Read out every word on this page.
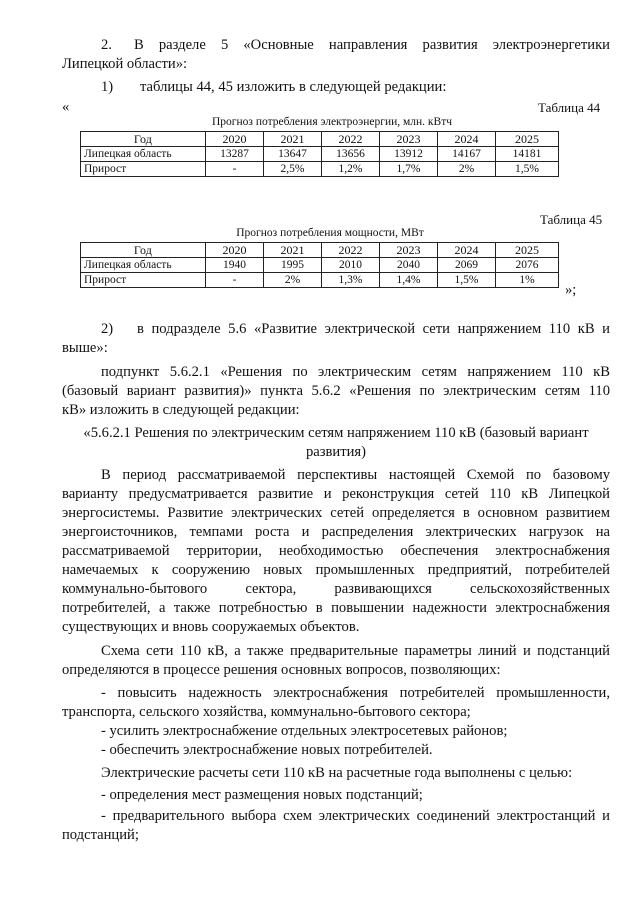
2. В разделе 5 «Основные направления развития электроэнергетики
Липецкой области»:
1) таблицы 44, 45 изложить в следующей редакции:
«	Таблица 44
Прогноз потребления электроэнергии, млн. кВтч
Год	2020	2021	2022	2023	2024	2025
Липецкая область	13287	13647	13656	13912	14167	14181
Прирост	-	2,5%	1,2%	1,7%	2%	1,5%
Таблица 45
Прогноз потребления мощности, МВт
Год	2020	2021	2022	2023	2024	2025
Липецкая область	1940	1995	2010	2040	2069	2076
Прирост	-	2%	1,3%	1,4%	1,5%	1%
»;
2) в подразделе 5.6 «Развитие электрической сети напряжением 110 кВ и
выше»:
подпункт 5.6.2.1 «Решения по электрическим сетям напряжением 110 кВ
(базовый вариант развития)» пункта 5.6.2 «Решения по электрическим сетям 110
кВ» изложить в следующей редакции:
«5.6.2.1 Решения по электрическим сетям напряжением 110 кВ (базовый вариант
развития)
В период рассматриваемой перспективы настоящей Схемой по базовому
варианту предусматривается развитие и реконструкция сетей 110 кВ Липецкой
энергосистемы. Развитие электрических сетей определяется в основном развитием
энергоисточников, темпами роста и распределения электрических нагрузок на
рассматриваемой территории, необходимостью обеспечения электроснабжения
намечаемых к сооружению новых промышленных предприятий, потребителей
коммунально-бытового сектора, развивающихся сельскохозяйственных
потребителей, а также потребностью в повышении надежности электроснабжения
существующих и вновь сооружаемых объектов.
Схема сети 110 кВ, а также предварительные параметры линий и подстанций
определяются в процессе решения основных вопросов, позволяющих:
- повысить надежность электроснабжения потребителей промышленности,
транспорта, сельского хозяйства, коммунально-бытового сектора;
- усилить электроснабжение отдельных электросетевых районов;
- обеспечить электроснабжение новых потребителей.
Электрические расчеты сети 110 кВ на расчетные года выполнены с целью:
- определения мест размещения новых подстанций;
- предварительного выбора схем электрических соединений электростанций и
подстанций;
